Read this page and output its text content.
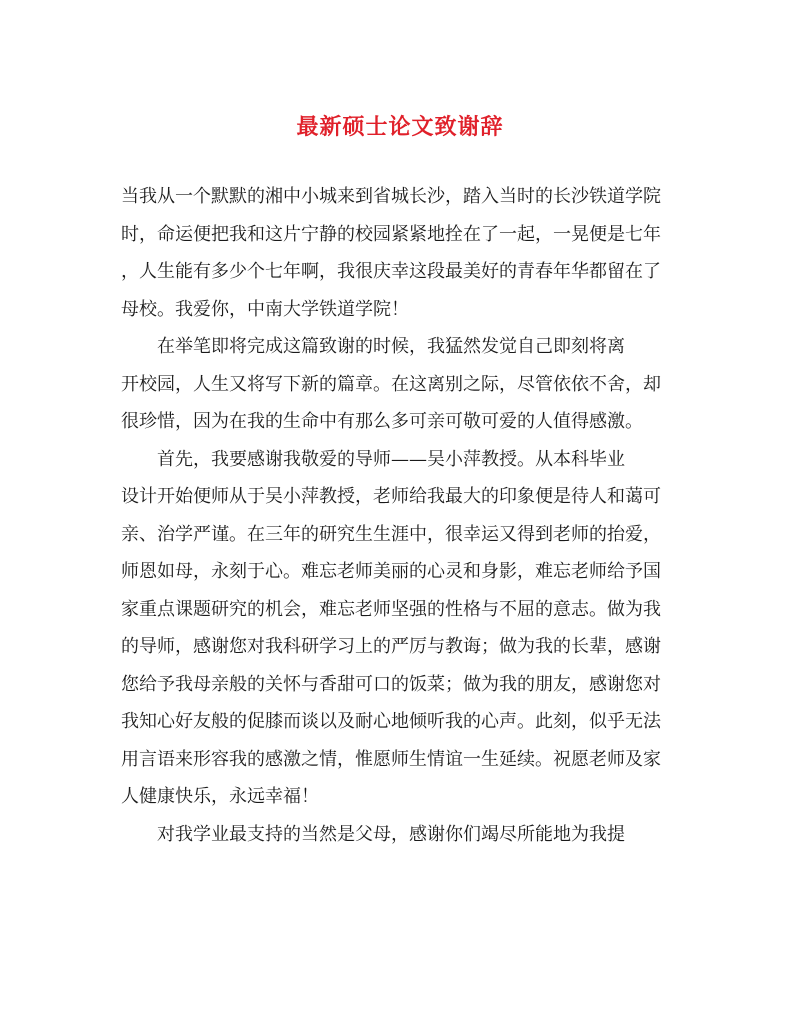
最新硕士论文致谢辞

当我从一个默默的湘中小城来到省城长沙，踏入当时的长沙铁道学院
时，命运便把我和这片宁静的校园紧紧地拴在了一起，一晃便是七年
，人生能有多少个七年啊，我很庆幸这段最美好的青春年华都留在了
母校。我爱你，中南大学铁道学院！

在举笔即将完成这篇致谢的时候，我猛然发觉自己即刻将离
开校园，人生又将写下新的篇章。在这离别之际，尽管依依不舍，却
很珍惜，因为在我的生命中有那么多可亲可敬可爱的人值得感激。

首先，我要感谢我敬爱的导师——吴小萍教授。从本科毕业
设计开始便师从于吴小萍教授，老师给我最大的印象便是待人和蔼可
亲、治学严谨。在三年的研究生生涯中，很幸运又得到老师的抬爱，
师恩如母，永刻于心。难忘老师美丽的心灵和身影，难忘老师给予国
家重点课题研究的机会，难忘老师坚强的性格与不屈的意志。做为我
的导师，感谢您对我科研学习上的严厉与教诲；做为我的长辈，感谢
您给予我母亲般的关怀与香甜可口的饭菜；做为我的朋友，感谢您对
我知心好友般的促膝而谈以及耐心地倾听我的心声。此刻，似乎无法
用言语来形容我的感激之情，惟愿师生情谊一生延续。祝愿老师及家
人健康快乐，永远幸福！

对我学业最支持的当然是父母，感谢你们竭尽所能地为我提
